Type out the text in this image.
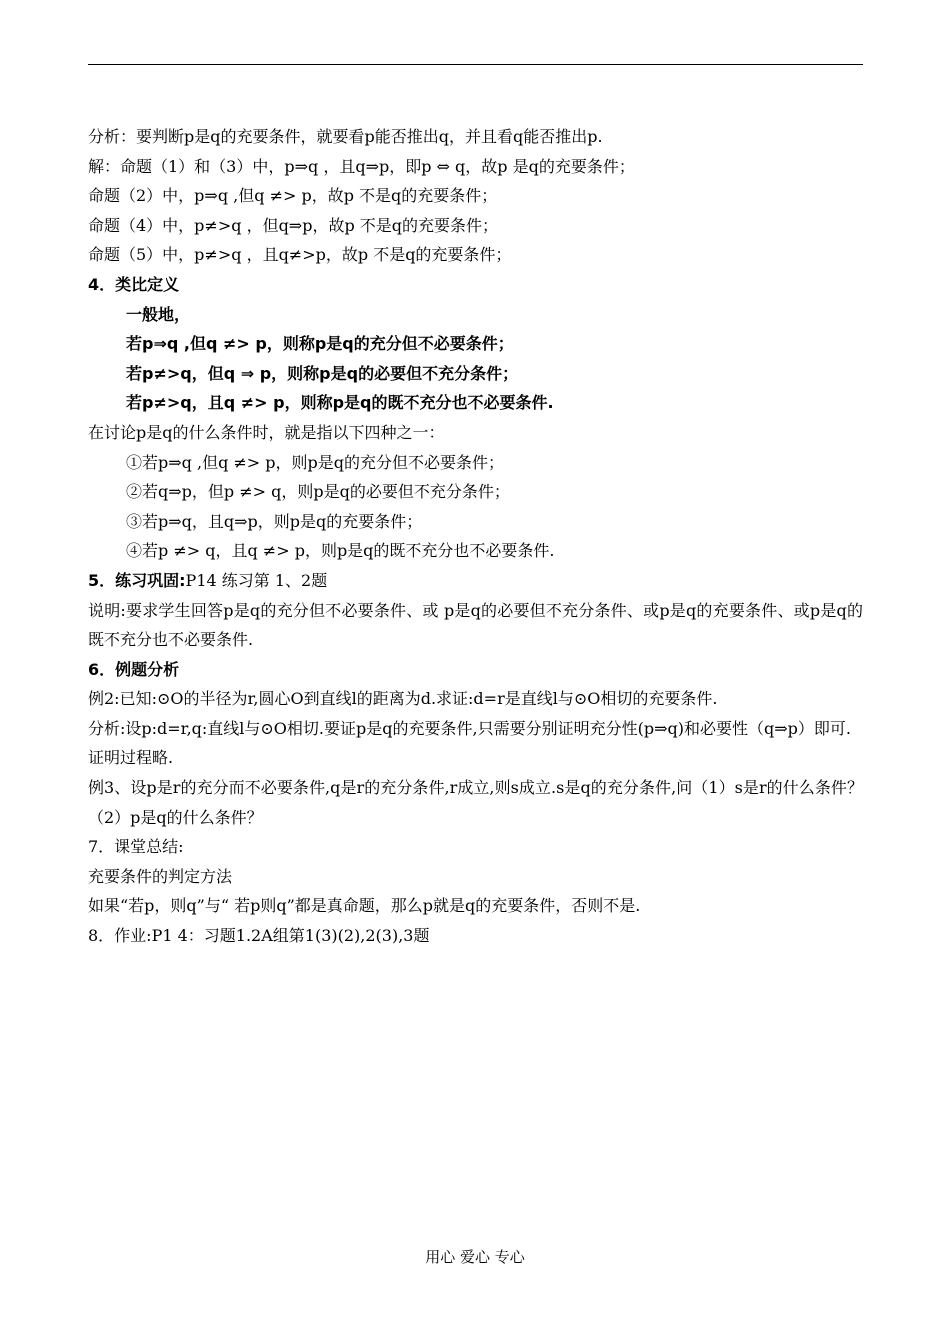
分析：要判断p是q的充要条件，就要看p能否推出q，并且看q能否推出p.
解：命题（1）和（3）中，p⇒q ，且q⇒p，即p ⇔ q，故p 是q的充要条件；
命题（2）中，p⇒q ,但q ≠> p，故p 不是q的充要条件；
命题（4）中，p≠>q ，但q⇒p，故p 不是q的充要条件；
命题（5）中，p≠>q ，且q≠>p，故p 不是q的充要条件；
4．类比定义
一般地，
若p⇒q ,但q ≠> p，则称p是q的充分但不必要条件；
若p≠>q，但q ⇒ p，则称p是q的必要但不充分条件；
若p≠>q，且q ≠> p，则称p是q的既不充分也不必要条件.
在讨论p是q的什么条件时，就是指以下四种之一：
①若p⇒q ,但q ≠> p，则p是q的充分但不必要条件；
②若q⇒p，但p ≠> q，则p是q的必要但不充分条件；
③若p⇒q，且q⇒p，则p是q的充要条件；
④若p ≠> q，且q ≠> p，则p是q的既不充分也不必要条件.
5．练习巩固:P14 练习第 1、2题
说明:要求学生回答p是q的充分但不必要条件、或 p是q的必要但不充分条件、或p是q的充要条件、或p是q的既不充分也不必要条件.
6．例题分析
例2:已知:⊙O的半径为r,圆心O到直线l的距离为d.求证:d=r是直线l与⊙O相切的充要条件.
分析:设p:d=r,q:直线l与⊙O相切.要证p是q的充要条件,只需要分别证明充分性(p⇒q)和必要性（q⇒p）即可.
证明过程略.
例3、设p是r的充分而不必要条件,q是r的充分条件,r成立,则s成立.s是q的充分条件,问（1）s是r的什么条件？（2）p是q的什么条件？
7．课堂总结:
充要条件的判定方法
如果“若p，则q”与“ 若p则q”都是真命题，那么p就是q的充要条件，否则不是.
8．作业:P1 4：习题1.2A组第1(3)(2),2(3),3题
用心 爱心 专心
